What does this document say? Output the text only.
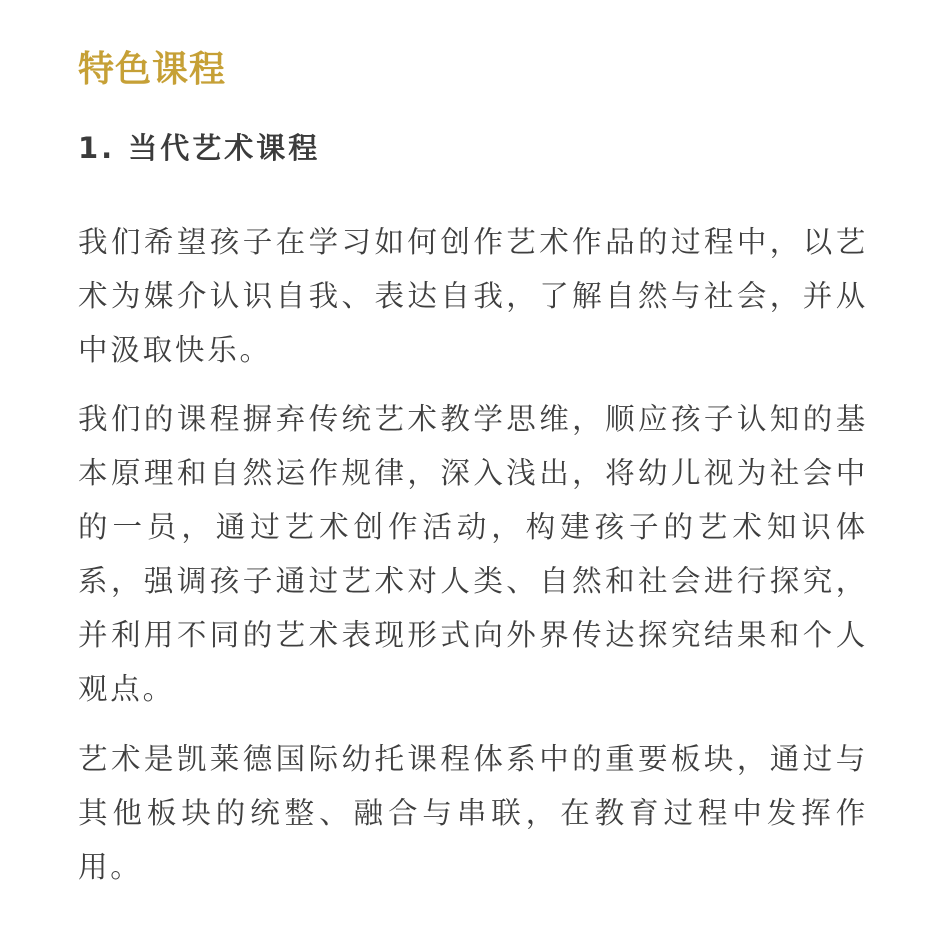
特色课程
1. 当代艺术课程

我们希望孩子在学习如何创作艺术作品的过程中，以艺术为媒介认识自我、表达自我，了解自然与社会，并从中汲取快乐。

我们的课程摒弃传统艺术教学思维，顺应孩子认知的基本原理和自然运作规律，深入浅出，将幼儿视为社会中的一员，通过艺术创作活动，构建孩子的艺术知识体系，强调孩子通过艺术对人类、自然和社会进行探究，并利用不同的艺术表现形式向外界传达探究结果和个人观点。

艺术是凯莱德国际幼托课程体系中的重要板块，通过与其他板块的统整、融合与串联，在教育过程中发挥作用。
